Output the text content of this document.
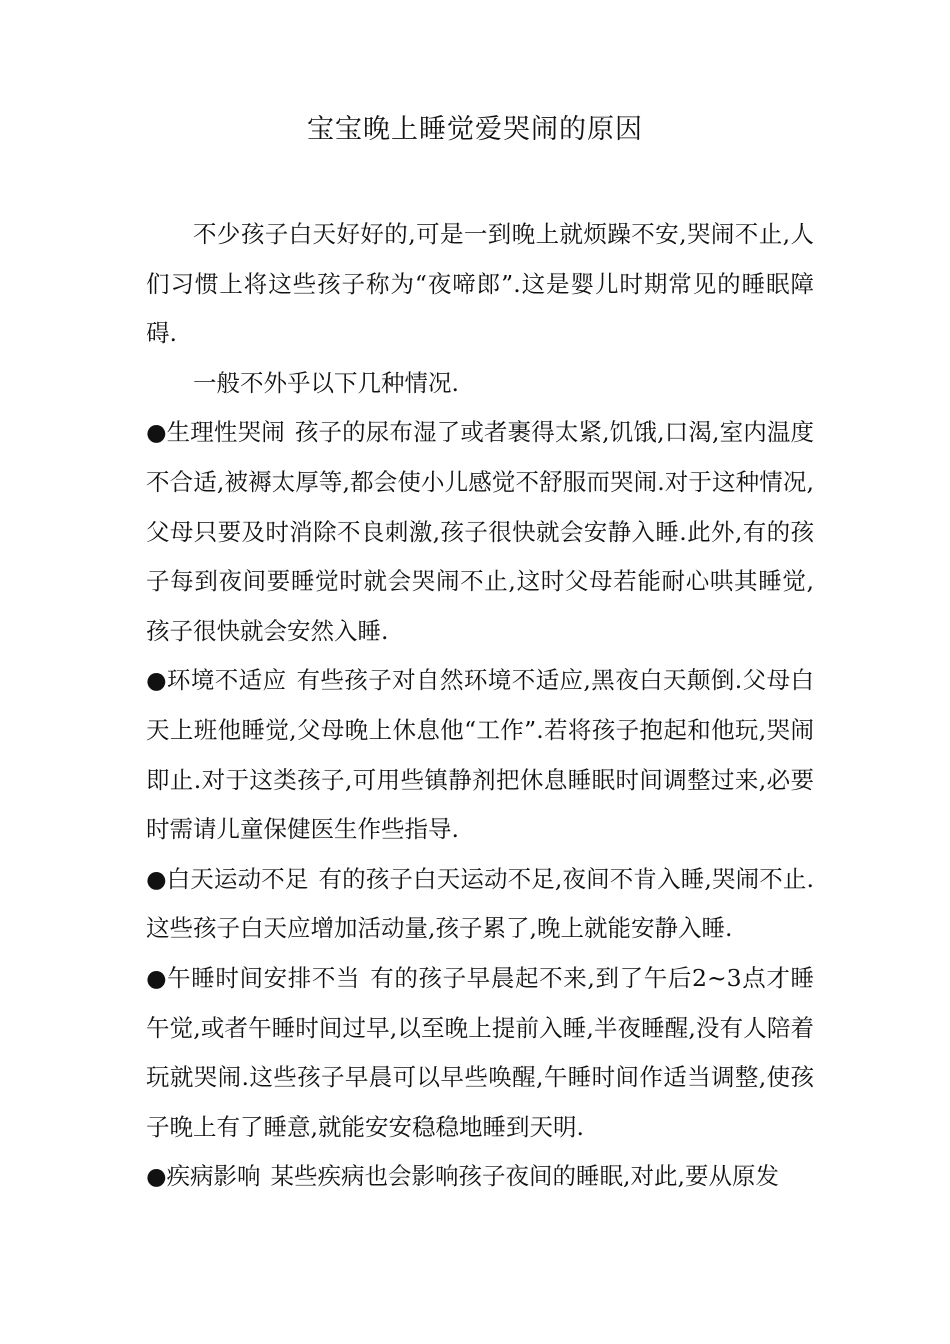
宝宝晚上睡觉爱哭闹的原因

不少孩子白天好好的,可是一到晚上就烦躁不安,哭闹不止,人们习惯上将这些孩子称为“夜啼郎”.这是婴儿时期常见的睡眠障碍.

一般不外乎以下几种情况.

●生理性哭闹 孩子的尿布湿了或者裹得太紧,饥饿,口渴,室内温度不合适,被褥太厚等,都会使小儿感觉不舒服而哭闹.对于这种情况,父母只要及时消除不良刺激,孩子很快就会安静入睡.此外,有的孩子每到夜间要睡觉时就会哭闹不止,这时父母若能耐心哄其睡觉,孩子很快就会安然入睡.

●环境不适应 有些孩子对自然环境不适应,黑夜白天颠倒.父母白天上班他睡觉,父母晚上休息他“工作”.若将孩子抱起和他玩,哭闹即止.对于这类孩子,可用些镇静剂把休息睡眠时间调整过来,必要时需请儿童保健医生作些指导.

●白天运动不足 有的孩子白天运动不足,夜间不肯入睡,哭闹不止.这些孩子白天应增加活动量,孩子累了,晚上就能安静入睡.

●午睡时间安排不当 有的孩子早晨起不来,到了午后2~3点才睡午觉,或者午睡时间过早,以至晚上提前入睡,半夜睡醒,没有人陪着玩就哭闹.这些孩子早晨可以早些唤醒,午睡时间作适当调整,使孩子晚上有了睡意,就能安安稳稳地睡到天明.

●疾病影响 某些疾病也会影响孩子夜间的睡眠,对此,要从原发
